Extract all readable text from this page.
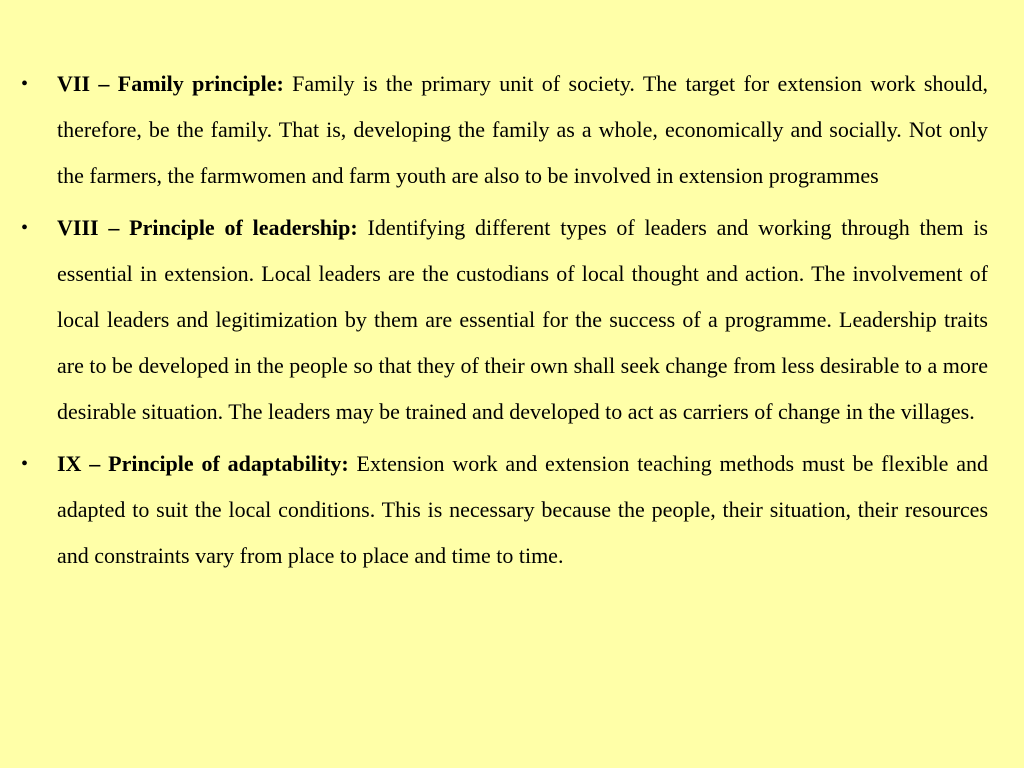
• VII – Family principle: Family is the primary unit of society. The target for extension work should, therefore, be the family. That is, developing the family as a whole, economically and socially. Not only the farmers, the farmwomen and farm youth are also to be involved in extension programmes
• VIII – Principle of leadership: Identifying different types of leaders and working through them is essential in extension. Local leaders are the custodians of local thought and action. The involvement of local leaders and legitimization by them are essential for the success of a programme. Leadership traits are to be developed in the people so that they of their own shall seek change from less desirable to a more desirable situation. The leaders may be trained and developed to act as carriers of change in the villages.
• IX – Principle of adaptability: Extension work and extension teaching methods must be flexible and adapted to suit the local conditions. This is necessary because the people, their situation, their resources and constraints vary from place to place and time to time.
